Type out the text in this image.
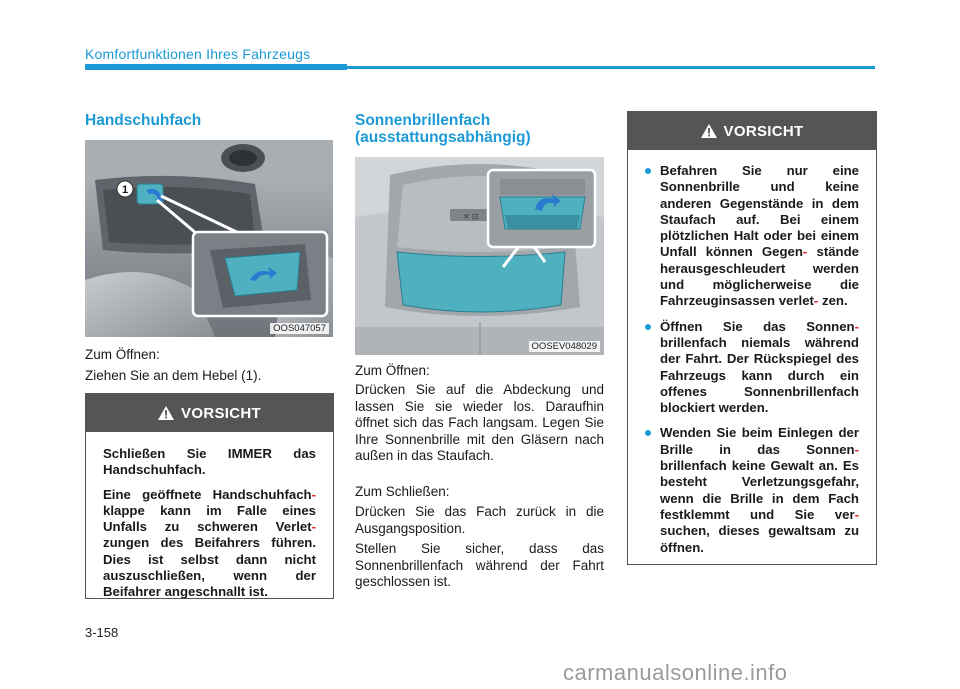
Komfortfunktionen Ihres Fahrzeugs
Handschuhfach
1
OOS047057

Zum Öffnen:

Ziehen Sie an dem Hebel (1).

VORSICHT

Schließen Sie IMMER das Handschuhfach.

Eine geöffnete Handschuhfach- klappe kann im Falle eines Unfalls zu schweren Verlet- zungen des Beifahrers führen. Dies ist selbst dann nicht auszuschließen, wenn der Beifahrer angeschnallt ist.

Sonnenbrillenfach
(ausstattungsabhängig)
⨯ ⊡
OOSEV048029

Zum Öffnen:

Drücken Sie auf die Abdeckung und lassen Sie sie wieder los. Daraufhin öffnet sich das Fach langsam. Legen Sie Ihre Sonnenbrille mit den Gläsern nach außen in das Staufach.

Zum Schließen:

Drücken Sie das Fach zurück in die Ausgangsposition.

Stellen Sie sicher, dass das Sonnenbrillenfach während der Fahrt geschlossen ist.

VORSICHT
Befahren Sie nur eine Sonnenbrille und keine anderen Gegenstände in dem Staufach auf. Bei einem plötzlichen Halt oder bei einem Unfall können Gegen- stände herausgeschleudert werden und möglicherweise die Fahrzeuginsassen verlet- zen.
Öffnen Sie das Sonnen- brillenfach niemals während der Fahrt. Der Rückspiegel des Fahrzeugs kann durch ein offenes Sonnenbrillenfach blockiert werden.
Wenden Sie beim Einlegen der Brille in das Sonnen- brillenfach keine Gewalt an. Es besteht Verletzungsgefahr, wenn die Brille in dem Fach festklemmt und Sie ver- suchen, dieses gewaltsam zu öffnen.
3-158
carmanualsonline.info
